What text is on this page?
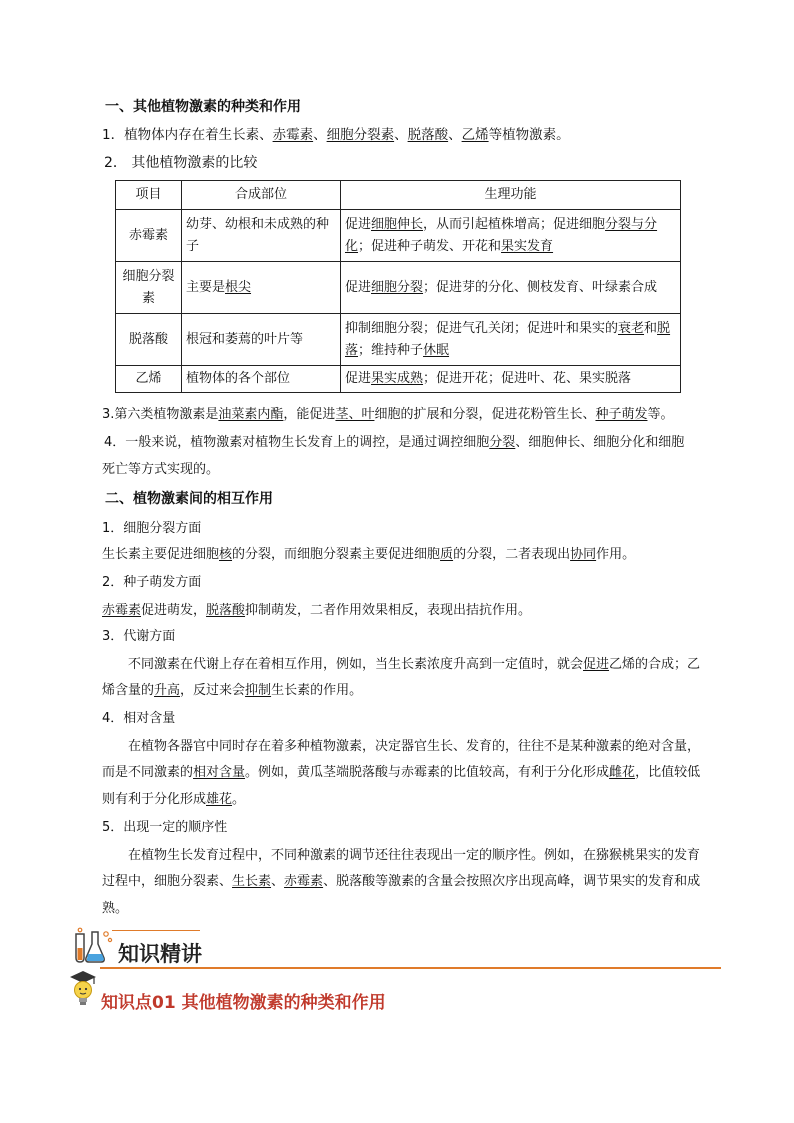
一、其他植物激素的种类和作用
1．植物体内存在着生长素、赤霉素、细胞分裂素、脱落酸、乙烯等植物激素。
2． 其他植物激素的比较
项目	合成部位	生理功能
赤霉素	幼芽、幼根和未成熟的种子	促进细胞伸长，从而引起植株增高；促进细胞分裂与分化；促进种子萌发、开花和果实发育
细胞分裂素	主要是根尖	促进细胞分裂；促进芽的分化、侧枝发育、叶绿素合成
脱落酸	根冠和萎蔫的叶片等	抑制细胞分裂；促进气孔关闭；促进叶和果实的衰老和脱落；维持种子休眠
乙烯	植物体的各个部位	促进果实成熟；促进开花；促进叶、花、果实脱落
3.第六类植物激素是油菜素内酯，能促进茎、叶细胞的扩展和分裂，促进花粉管生长、种子萌发等。
4．一般来说，植物激素对植物生长发育上的调控，是通过调控细胞分裂、细胞伸长、细胞分化和细胞
死亡等方式实现的。
二、植物激素间的相互作用
1．细胞分裂方面
生长素主要促进细胞核的分裂，而细胞分裂素主要促进细胞质的分裂，二者表现出协同作用。
2．种子萌发方面
赤霉素促进萌发，脱落酸抑制萌发，二者作用效果相反，表现出拮抗作用。
3．代谢方面
不同激素在代谢上存在着相互作用，例如，当生长素浓度升高到一定值时，就会促进乙烯的合成；乙
烯含量的升高，反过来会抑制生长素的作用。
4．相对含量
在植物各器官中同时存在着多种植物激素，决定器官生长、发育的，往往不是某种激素的绝对含量，
而是不同激素的相对含量。例如，黄瓜茎端脱落酸与赤霉素的比值较高，有利于分化形成雌花，比值较低
则有利于分化形成雄花。
5．出现一定的顺序性
在植物生长发育过程中，不同种激素的调节还往往表现出一定的顺序性。例如，在猕猴桃果实的发育
过程中，细胞分裂素、生长素、赤霉素、脱落酸等激素的含量会按照次序出现高峰，调节果实的发育和成
熟。
知识精讲
知识点01 其他植物激素的种类和作用
